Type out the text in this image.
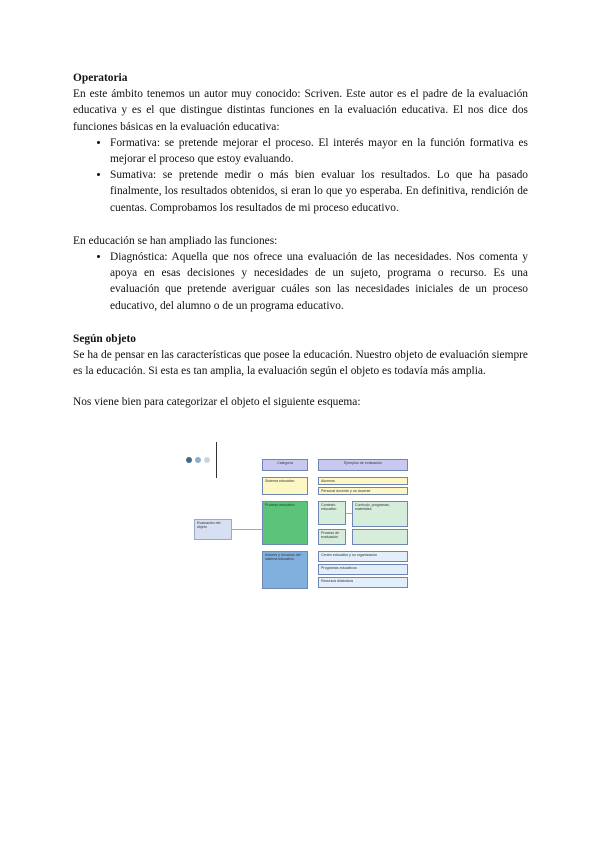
Operatoria

En este ámbito tenemos un autor muy conocido: Scriven. Este autor es el padre de la evaluación educativa y es el que distingue distintas funciones en la evaluación educativa. El nos dice dos funciones básicas en la evaluación educativa:

• Formativa: se pretende mejorar el proceso. El interés mayor en la función formativa es mejorar el proceso que estoy evaluando.
• Sumativa: se pretende medir o más bien evaluar los resultados. Lo que ha pasado finalmente, los resultados obtenidos, si eran lo que yo esperaba. En definitiva, rendición de cuentas. Comprobamos los resultados de mi proceso educativo.

En educación se han ampliado las funciones:

• Diagnóstica: Aquella que nos ofrece una evaluación de las necesidades. Nos comenta y apoya en esas decisiones y necesidades de un sujeto, programa o recurso. Es una evaluación que pretende averiguar cuáles son las necesidades iniciales de un proceso educativo, del alumno o de un programa educativo.

Según objeto

Se ha de pensar en las características que posee la educación. Nuestro objeto de evaluación siempre es la educación. Si esta es tan amplia, la evaluación según el objeto es todavía más amplia.

Nos viene bien para categorizar el objeto el siguiente esquema:

Categoría	Ejemplos de evaluación
Evaluación del objeto
Sistema educativo	Alumnos
Personal docente y no docente
Proceso educativo	Contexto educativo
Proceso de evaluación
Currículo, programas, materiales
Actores y recursos del sistema educativo
Centro educativo y su organización
Programas educativos
Recursos didácticos
